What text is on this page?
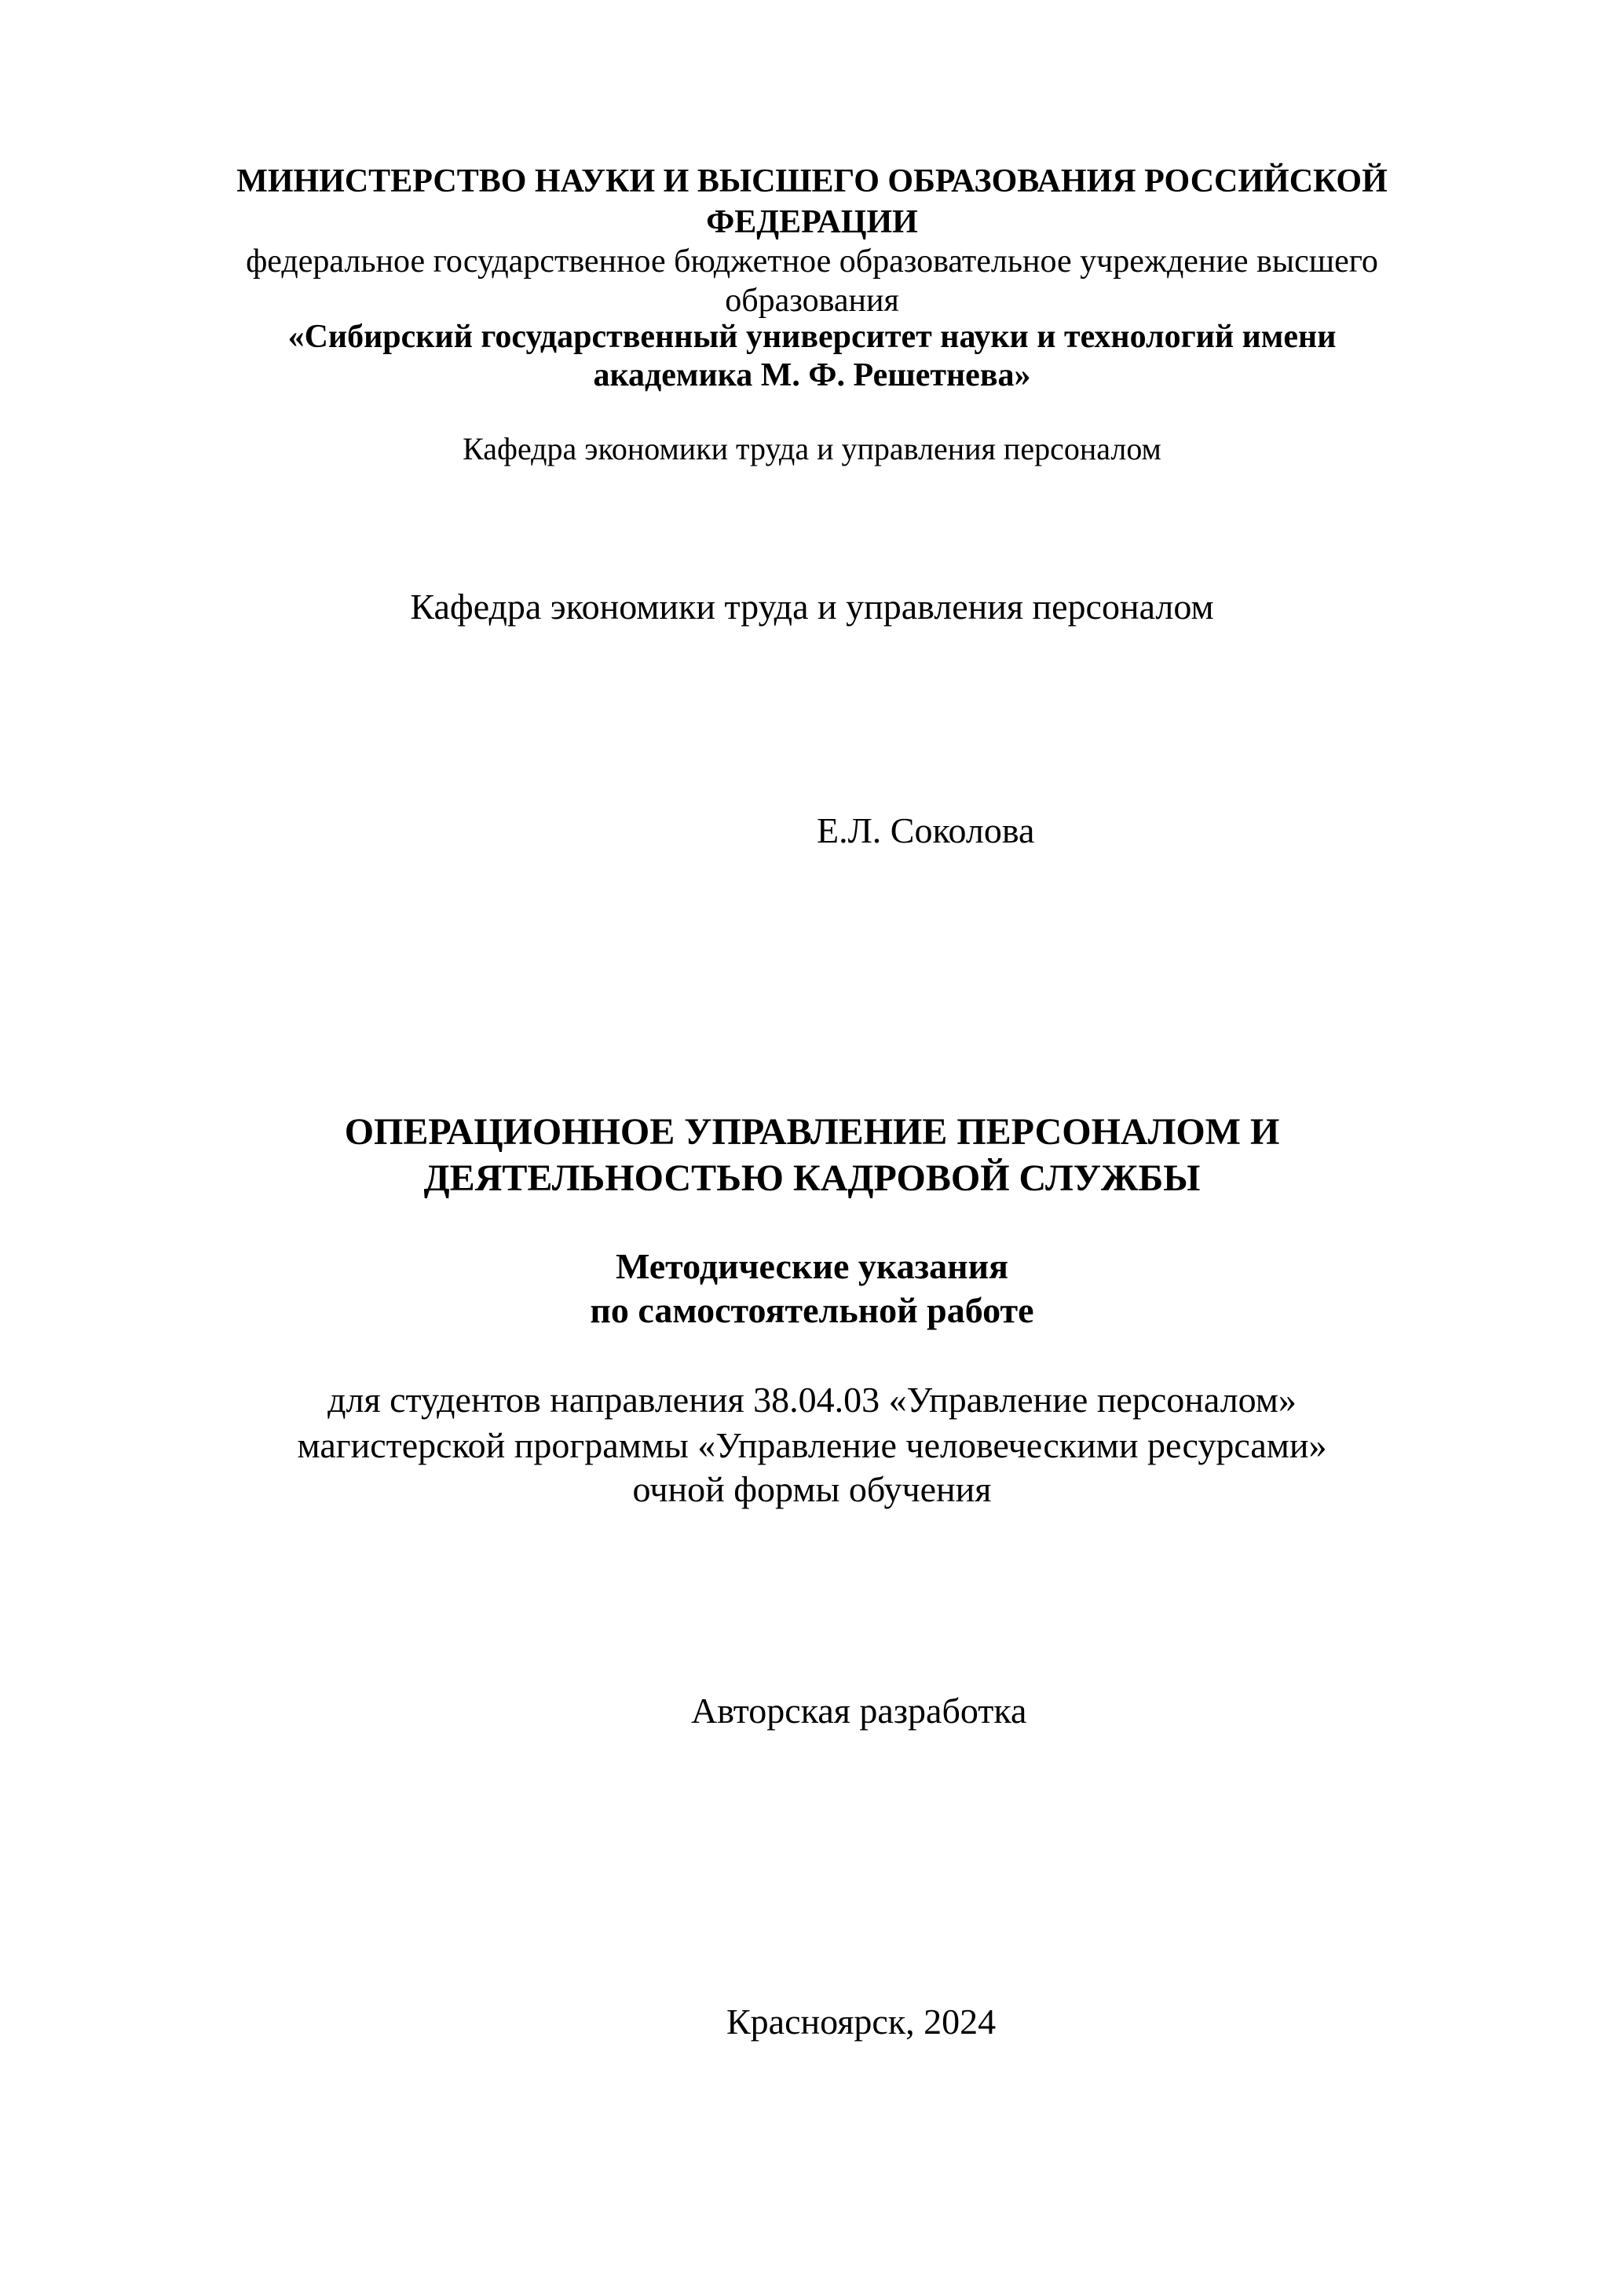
МИНИСТЕРСТВО НАУКИ И ВЫСШЕГО ОБРАЗОВАНИЯ РОССИЙСКОЙ
ФЕДЕРАЦИИ
федеральное государственное бюджетное образовательное учреждение высшего
образования
«Сибирский государственный университет науки и технологий имени
академика М. Ф. Решетнева»
Кафедра экономики труда и управления персоналом
Кафедра экономики труда и управления персоналом
Е.Л. Соколова
ОПЕРАЦИОННОЕ УПРАВЛЕНИЕ ПЕРСОНАЛОМ И
ДЕЯТЕЛЬНОСТЬЮ КАДРОВОЙ СЛУЖБЫ
Методические указания
по самостоятельной работе
для студентов направления 38.04.03 «Управление персоналом»
магистерской программы «Управление человеческими ресурсами»
очной формы обучения
Авторская разработка
Красноярск, 2024
